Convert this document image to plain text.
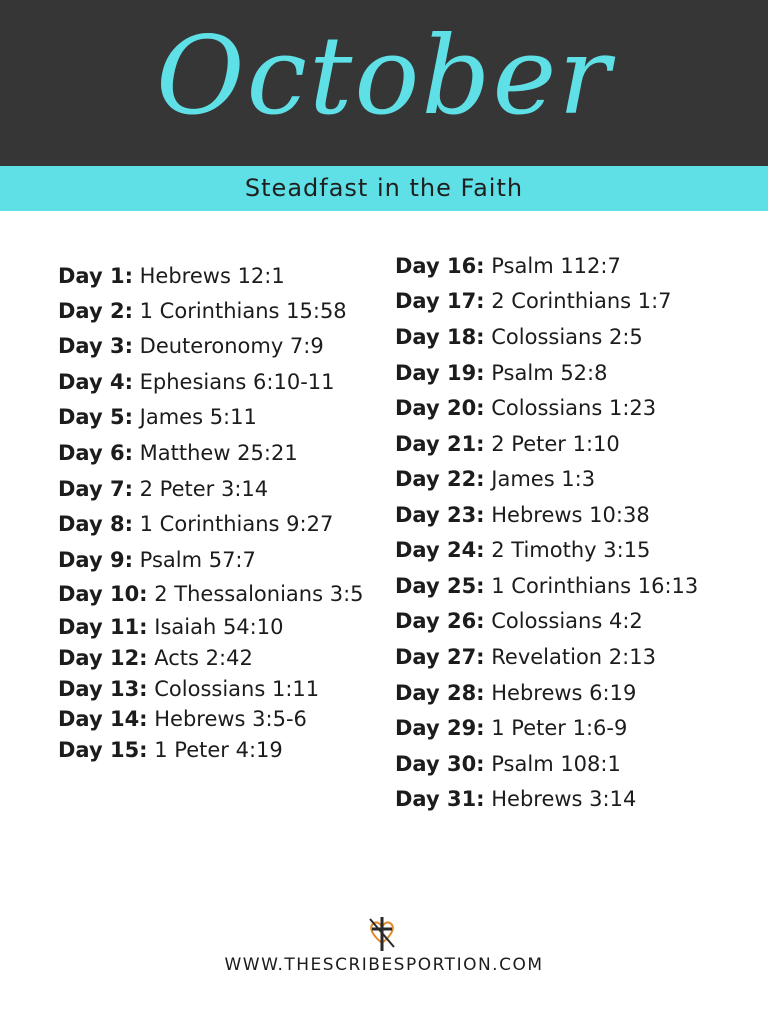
October
Steadfast in the Faith
Day 1: Hebrews 12:1
Day 2: 1 Corinthians 15:58
Day 3: Deuteronomy 7:9
Day 4: Ephesians 6:10-11
Day 5: James 5:11
Day 6: Matthew 25:21
Day 7: 2 Peter 3:14
Day 8: 1 Corinthians 9:27
Day 9: Psalm 57:7
Day 10: 2 Thessalonians 3:5
Day 11: Isaiah 54:10
Day 12: Acts 2:42
Day 13: Colossians 1:11
Day 14: Hebrews 3:5-6
Day 15: 1 Peter 4:19
Day 16: Psalm 112:7
Day 17: 2 Corinthians 1:7
Day 18: Colossians 2:5
Day 19: Psalm 52:8
Day 20: Colossians 1:23
Day 21: 2 Peter 1:10
Day 22: James 1:3
Day 23: Hebrews 10:38
Day 24: 2 Timothy 3:15
Day 25: 1 Corinthians 16:13
Day 26: Colossians 4:2
Day 27: Revelation 2:13
Day 28: Hebrews 6:19
Day 29: 1 Peter 1:6-9
Day 30: Psalm 108:1
Day 31: Hebrews 3:14
WWW.THESCRIBESPORTION.COM
